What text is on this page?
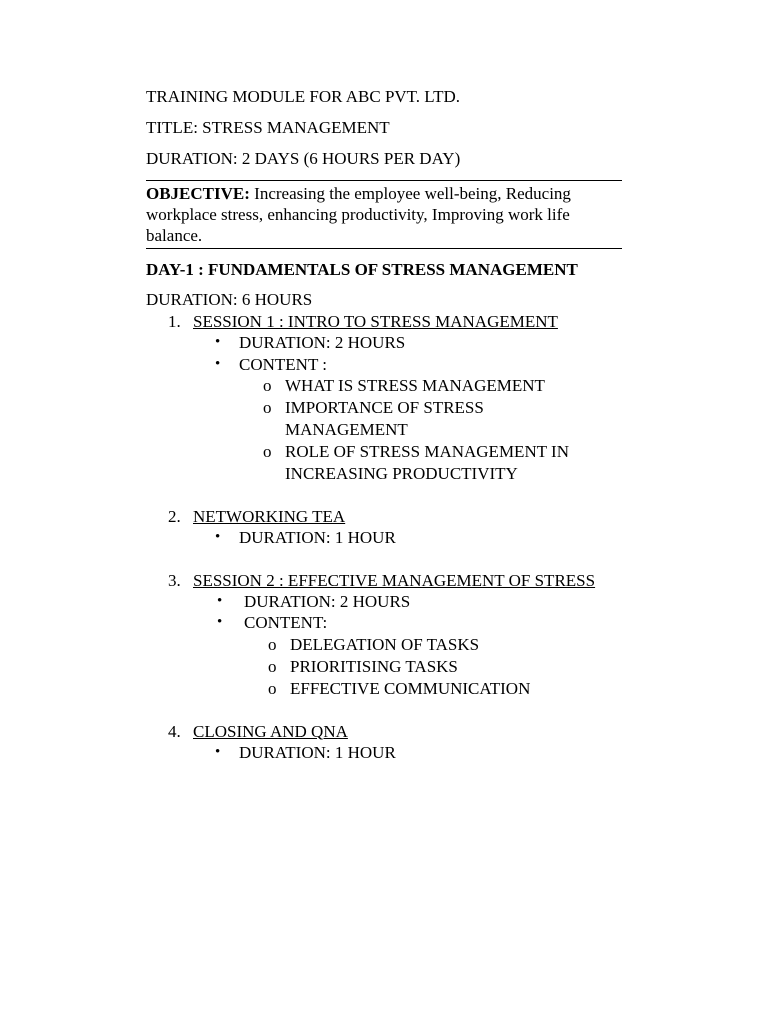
TRAINING MODULE FOR ABC PVT. LTD.
TITLE: STRESS MANAGEMENT
DURATION: 2 DAYS (6 HOURS PER DAY)
OBJECTIVE: Increasing the employee well-being, Reducing workplace stress, enhancing productivity, Improving work life balance.
DAY-1 : FUNDAMENTALS OF STRESS MANAGEMENT
DURATION: 6 HOURS
1. SESSION 1 : INTRO TO STRESS MANAGEMENT
• DURATION: 2 HOURS
• CONTENT :
o WHAT IS STRESS MANAGEMENT
o IMPORTANCE OF STRESS MANAGEMENT
o ROLE OF STRESS MANAGEMENT IN INCREASING PRODUCTIVITY
2. NETWORKING TEA
• DURATION: 1 HOUR
3. SESSION 2 : EFFECTIVE MANAGEMENT OF STRESS
• DURATION: 2 HOURS
• CONTENT:
o DELEGATION OF TASKS
o PRIORITISING TASKS
o EFFECTIVE COMMUNICATION
4. CLOSING AND QNA
• DURATION: 1 HOUR
